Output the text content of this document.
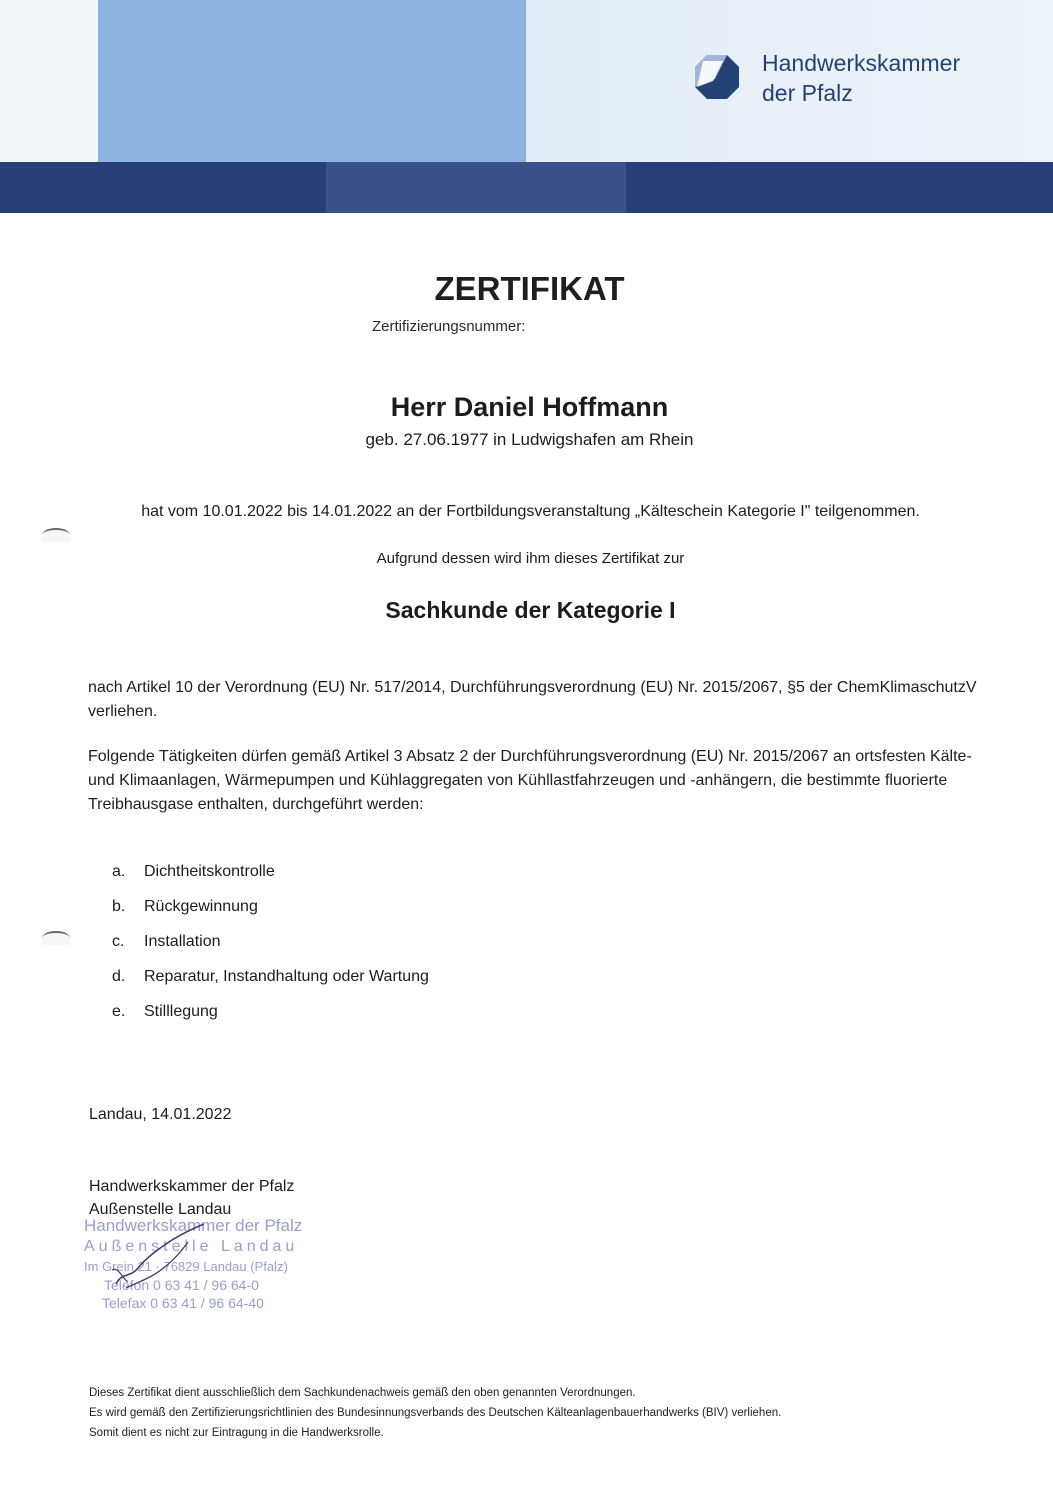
Handwerkskammer
der Pfalz
ZERTIFIKAT
Zertifizierungsnummer:
Herr Daniel Hoffmann
geb. 27.06.1977 in Ludwigshafen am Rhein
hat vom 10.01.2022 bis 14.01.2022 an der Fortbildungsveranstaltung „Kälteschein Kategorie I" teilgenommen.
Aufgrund dessen wird ihm dieses Zertifikat zur
Sachkunde der Kategorie I
nach Artikel 10 der Verordnung (EU) Nr. 517/2014, Durchführungsverordnung (EU) Nr. 2015/2067, §5 der ChemKlimaschutzV verliehen.
Folgende Tätigkeiten dürfen gemäß Artikel 3 Absatz 2 der Durchführungsverordnung (EU) Nr. 2015/2067 an ortsfesten Kälte- und Klimaanlagen, Wärmepumpen und Kühlaggregaten von Kühllastfahrzeugen und -anhängern, die bestimmte fluorierte Treibhausgase enthalten, durchgeführt werden:
a. Dichtheitskontrolle
b. Rückgewinnung
c. Installation
d. Reparatur, Instandhaltung oder Wartung
e. Stilllegung
Landau, 14.01.2022
Handwerkskammer der Pfalz
Außenstelle Landau
Handwerkskammer der Pfalz
Außenstelle Landau
Im Grein 21 · 76829 Landau (Pfalz)
Telefon 0 63 41 / 96 64-0
Telefax 0 63 41 / 96 64-40
Dieses Zertifikat dient ausschließlich dem Sachkundenachweis gemäß den oben genannten Verordnungen.
Es wird gemäß den Zertifizierungsrichtlinien des Bundesinnungsverbands des Deutschen Kälteanlagenbauerhandwerks (BIV) verliehen.
Somit dient es nicht zur Eintragung in die Handwerksrolle.
